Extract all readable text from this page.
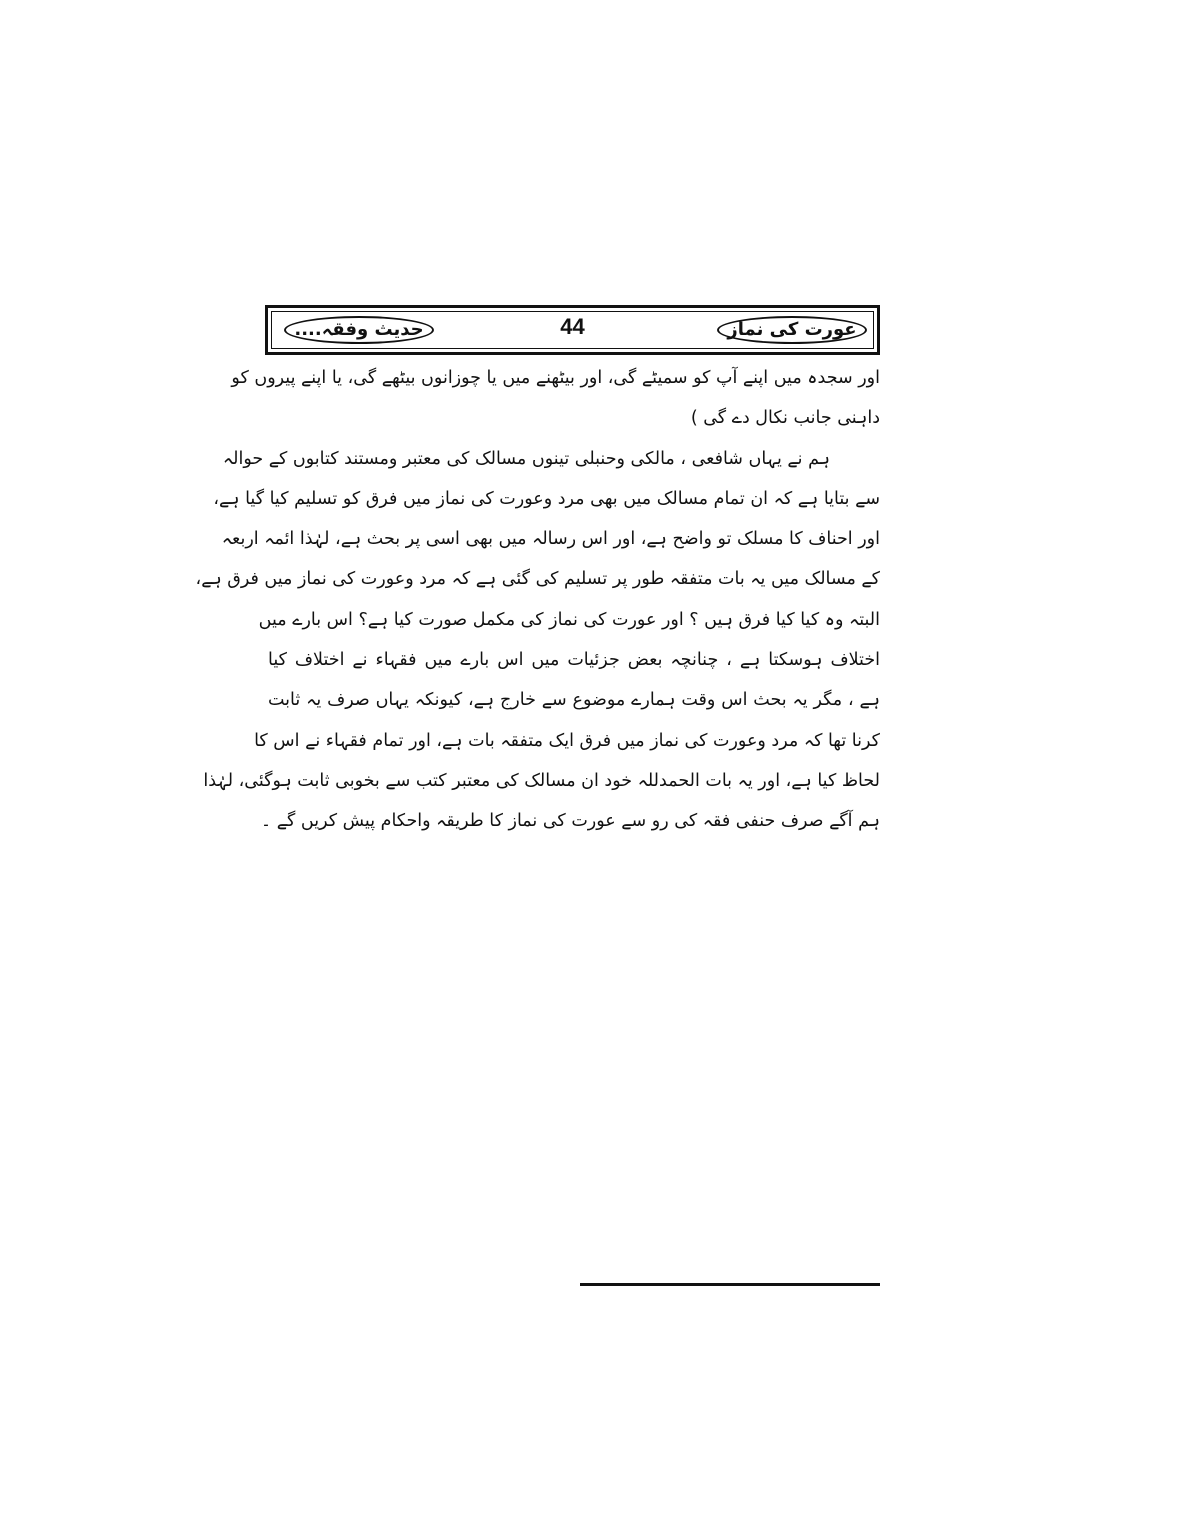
عورت کی نماز
44
حدیث وفقہ....
اور سجدہ میں اپنے آپ کو سمیٹے گی، اور بیٹھنے میں یا چوزانوں بیٹھے گی، یا اپنے پیروں کو
داہنی جانب نکال دے گی )
ہم نے یہاں شافعی ، مالکی وحنبلی تینوں مسالک کی معتبر ومستند کتابوں کے حوالہ
سے بتایا ہے کہ ان تمام مسالک میں بھی مرد وعورت کی نماز میں فرق کو تسلیم کیا گیا ہے،
اور احناف کا مسلک تو واضح ہے، اور اس رسالہ میں بھی اسی پر بحث ہے، لہٰذا ائمہ اربعہ
کے مسالک میں یہ بات متفقہ طور پر تسلیم کی گئی ہے کہ مرد وعورت کی نماز میں فرق ہے،
البتہ وہ کیا کیا فرق ہیں ؟ اور عورت کی نماز کی مکمل صورت کیا ہے؟ اس بارے میں
اختلاف ہوسکتا ہے ، چنانچہ بعض جزئیات میں اس بارے میں فقہاء نے اختلاف کیا
ہے ، مگر یہ بحث اس وقت ہمارے موضوع سے خارج ہے، کیونکہ یہاں صرف یہ ثابت
کرنا تھا کہ مرد وعورت کی نماز میں فرق ایک متفقہ بات ہے، اور تمام فقہاء نے اس کا
لحاظ کیا ہے، اور یہ بات الحمدللہ خود ان مسالک کی معتبر کتب سے بخوبی ثابت ہوگئی، لہٰذا
ہم آگے صرف حنفی فقہ کی رو سے عورت کی نماز کا طریقہ واحکام پیش کریں گے ۔
